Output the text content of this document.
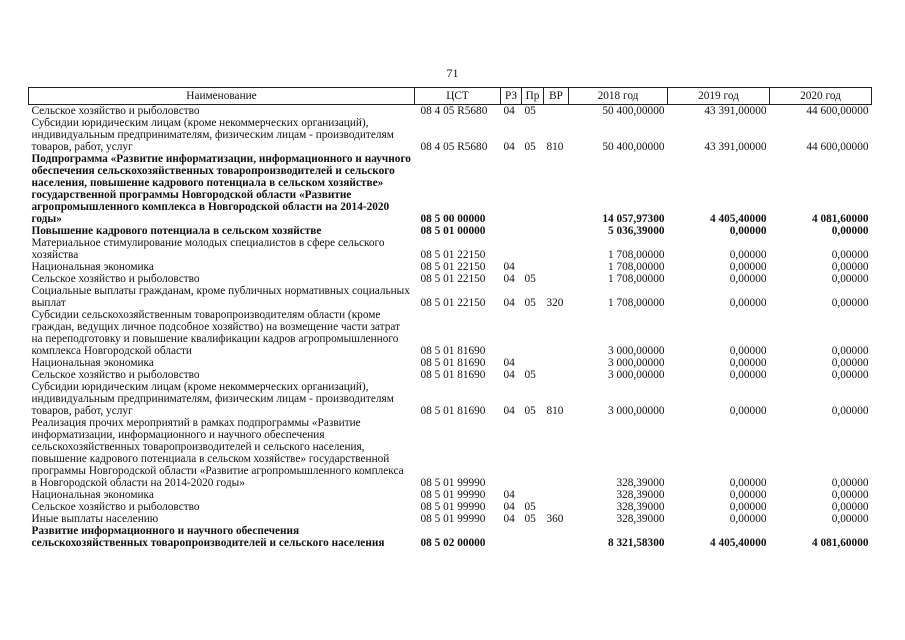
71
Наименование	ЦСТ	РЗ	Пр	ВР	2018 год	2019 год	2020 год
Сельское хозяйство и рыболовство	08 4 05 R5680	04	05		50 400,00000	43 391,00000	44 600,00000
Субсидии юридическим лицам (кроме некоммерческих организаций), индивидуальным предпринимателям, физическим лицам - производителям товаров, работ, услуг	08 4 05 R5680	04	05	810	50 400,00000	43 391,00000	44 600,00000
Подпрограмма «Развитие информатизации, информационного и научного обеспечения сельскохозяйственных товаропроизводителей и сельского населения, повышение кадрового потенциала в сельском хозяйстве» государственной программы Новгородской области «Развитие агропромышленного комплекса в Новгородской области на 2014-2020 годы»	08 5 00 00000				14 057,97300	4 405,40000	4 081,60000
Повышение кадрового потенциала в сельском хозяйстве	08 5 01 00000				5 036,39000	0,00000	0,00000
Материальное стимулирование молодых специалистов в сфере сельского хозяйства	08 5 01 22150				1 708,00000	0,00000	0,00000
Национальная экономика	08 5 01 22150	04			1 708,00000	0,00000	0,00000
Сельское хозяйство и рыболовство	08 5 01 22150	04	05		1 708,00000	0,00000	0,00000
Социальные выплаты гражданам, кроме публичных нормативных социальных выплат	08 5 01 22150	04	05	320	1 708,00000	0,00000	0,00000
Субсидии сельскохозяйственным товаропроизводителям области (кроме граждан, ведущих личное подсобное хозяйство) на возмещение части затрат на переподготовку и повышение квалификации кадров агропромышленного комплекса Новгородской области	08 5 01 81690				3 000,00000	0,00000	0,00000
Национальная экономика	08 5 01 81690	04			3 000,00000	0,00000	0,00000
Сельское хозяйство и рыболовство	08 5 01 81690	04	05		3 000,00000	0,00000	0,00000
Субсидии юридическим лицам (кроме некоммерческих организаций), индивидуальным предпринимателям, физическим лицам - производителям товаров, работ, услуг	08 5 01 81690	04	05	810	3 000,00000	0,00000	0,00000
Реализация прочих мероприятий в рамках подпрограммы «Развитие информатизации, информационного и научного обеспечения сельскохозяйственных товаропроизводителей и сельского населения, повышение кадрового потенциала в сельском хозяйстве» государственной программы Новгородской области «Развитие агропромышленного комплекса в Новгородской области на 2014-2020 годы»	08 5 01 99990				328,39000	0,00000	0,00000
Национальная экономика	08 5 01 99990	04			328,39000	0,00000	0,00000
Сельское хозяйство и рыболовство	08 5 01 99990	04	05		328,39000	0,00000	0,00000
Иные выплаты населению	08 5 01 99990	04	05	360	328,39000	0,00000	0,00000
Развитие информационного и научного обеспечения сельскохозяйственных товаропроизводителей и сельского населения	08 5 02 00000				8 321,58300	4 405,40000	4 081,60000
